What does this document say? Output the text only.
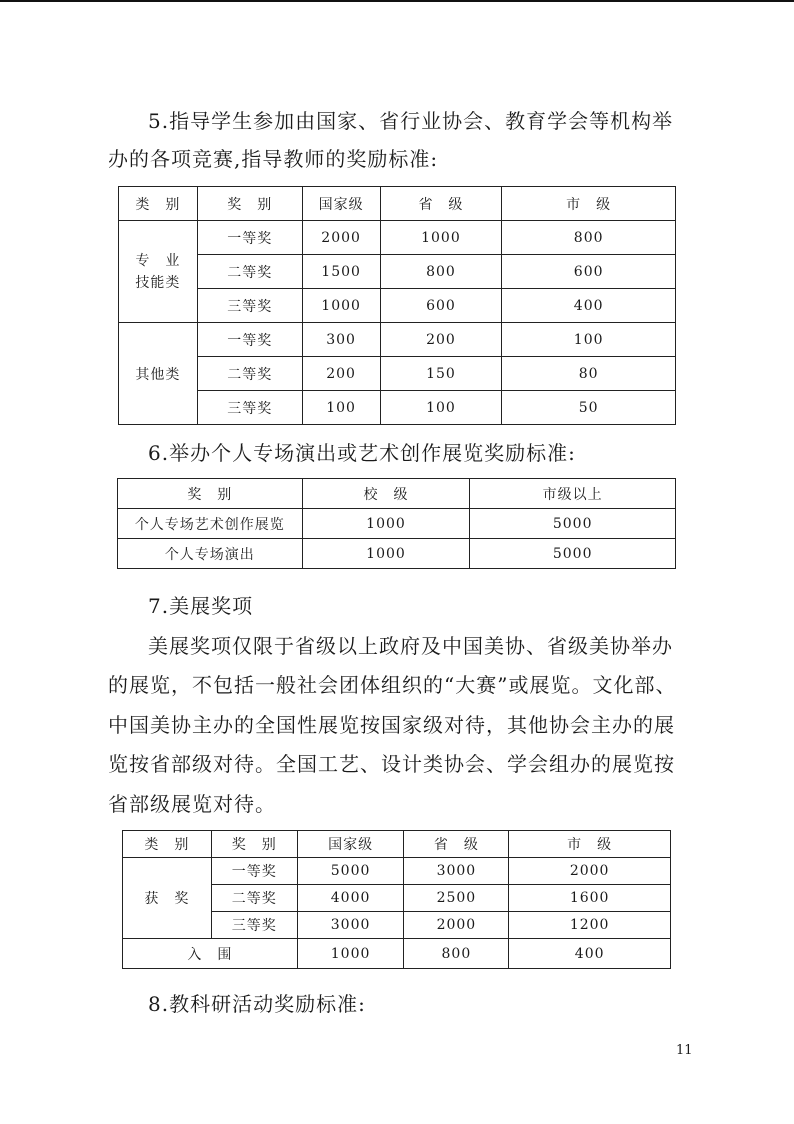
5.指导学生参加由国家、省行业协会、教育学会等机构举
办的各项竞赛,指导教师的奖励标准:
类　别	奖　别	国家级	省　级	市　级
专　业
技能类	一等奖	2000	1000	800
	二等奖	1500	800	600
	三等奖	1000	600	400
其他类	一等奖	300	200	100
	二等奖	200	150	80
	三等奖	100	100	50
6.举办个人专场演出或艺术创作展览奖励标准:
奖　别	校　级	市级以上
个人专场艺术创作展览	1000	5000
个人专场演出	1000	5000
7.美展奖项
美展奖项仅限于省级以上政府及中国美协、省级美协举办
的展览，不包括一般社会团体组织的“大赛”或展览。文化部、
中国美协主办的全国性展览按国家级对待，其他协会主办的展
览按省部级对待。全国工艺、设计类协会、学会组办的展览按
省部级展览对待。
类　别	奖　别	国家级	省　级	市　级
获　奖	一等奖	5000	3000	2000
	二等奖	4000	2500	1600
	三等奖	3000	2000	1200
入　围		1000	800	400
8.教科研活动奖励标准:
11
